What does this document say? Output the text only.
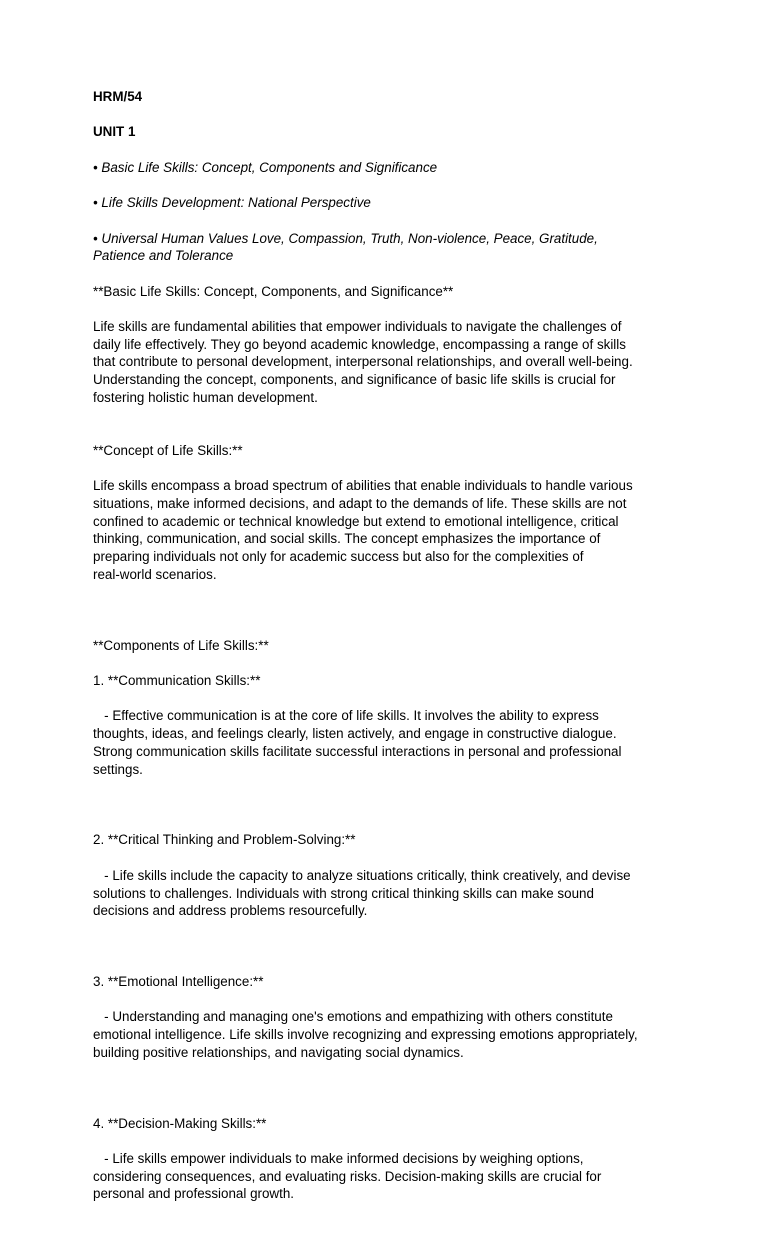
HRM/54

UNIT 1

• Basic Life Skills: Concept, Components and Significance

• Life Skills Development: National Perspective

• Universal Human Values Love, Compassion, Truth, Non-violence, Peace, Gratitude,
Patience and Tolerance

**Basic Life Skills: Concept, Components, and Significance**

Life skills are fundamental abilities that empower individuals to navigate the challenges of
daily life effectively. They go beyond academic knowledge, encompassing a range of skills
that contribute to personal development, interpersonal relationships, and overall well-being.
Understanding the concept, components, and significance of basic life skills is crucial for
fostering holistic human development.

**Concept of Life Skills:**

Life skills encompass a broad spectrum of abilities that enable individuals to handle various
situations, make informed decisions, and adapt to the demands of life. These skills are not
confined to academic or technical knowledge but extend to emotional intelligence, critical
thinking, communication, and social skills. The concept emphasizes the importance of
preparing individuals not only for academic success but also for the complexities of
real-world scenarios.

**Components of Life Skills:**

1. **Communication Skills:**

- Effective communication is at the core of life skills. It involves the ability to express
thoughts, ideas, and feelings clearly, listen actively, and engage in constructive dialogue.
Strong communication skills facilitate successful interactions in personal and professional
settings.

2. **Critical Thinking and Problem-Solving:**

- Life skills include the capacity to analyze situations critically, think creatively, and devise
solutions to challenges. Individuals with strong critical thinking skills can make sound
decisions and address problems resourcefully.

3. **Emotional Intelligence:**

- Understanding and managing one's emotions and empathizing with others constitute
emotional intelligence. Life skills involve recognizing and expressing emotions appropriately,
building positive relationships, and navigating social dynamics.

4. **Decision-Making Skills:**

- Life skills empower individuals to make informed decisions by weighing options,
considering consequences, and evaluating risks. Decision-making skills are crucial for
personal and professional growth.
